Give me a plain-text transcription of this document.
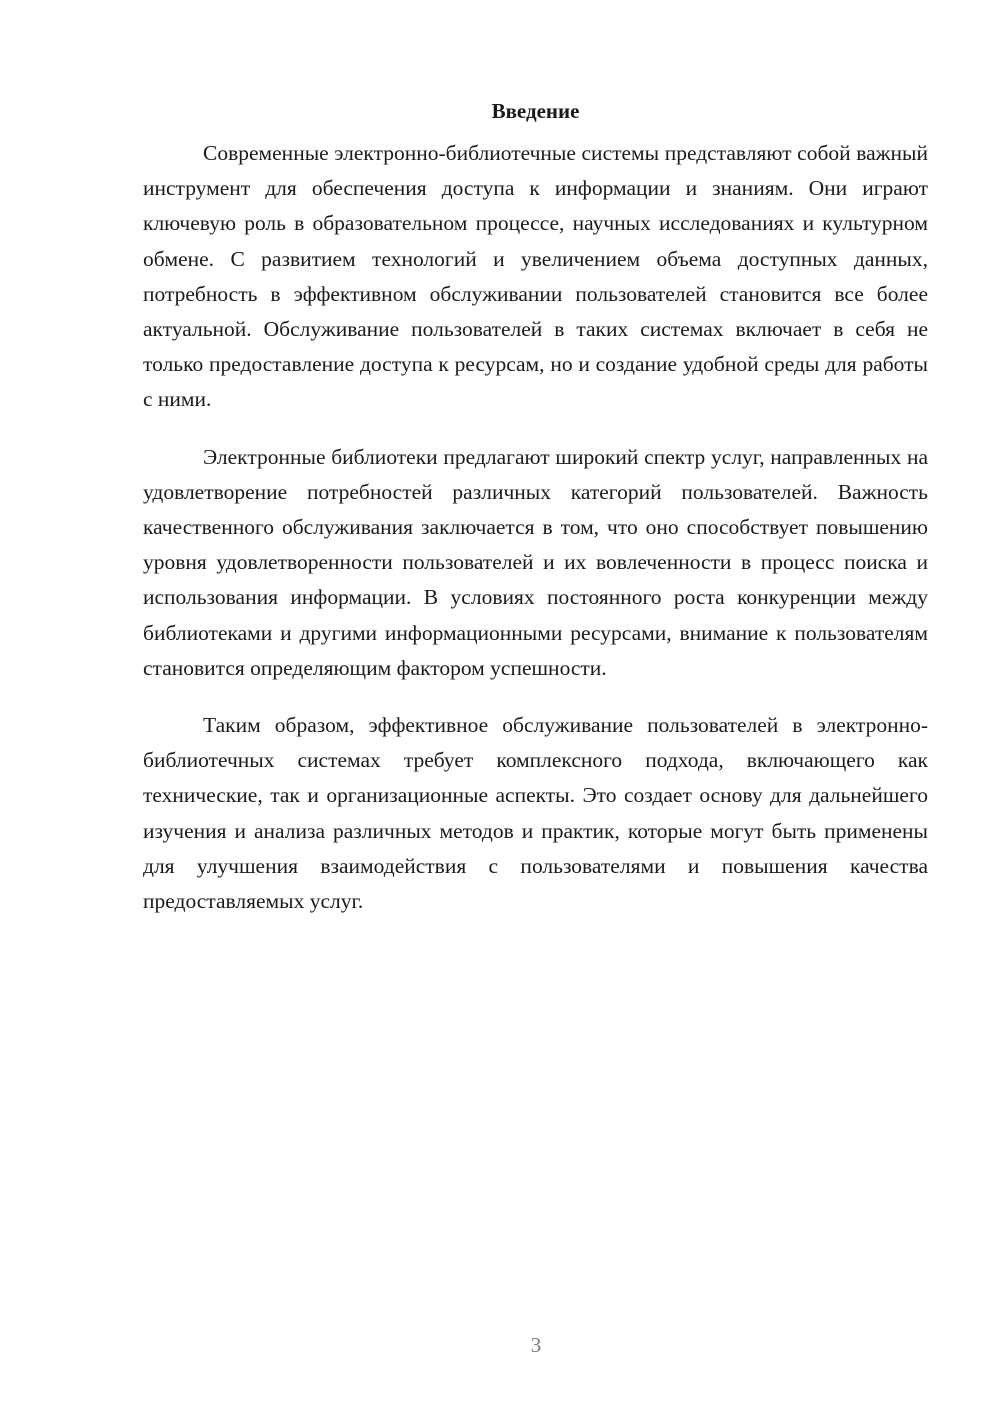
Введение

Современные электронно-библиотечные системы представляют собой важный инструмент для обеспечения доступа к информации и знаниям. Они играют ключевую роль в образовательном процессе, научных исследованиях и культурном обмене. С развитием технологий и увеличением объема доступных данных, потребность в эффективном обслуживании пользователей становится все более актуальной. Обслуживание пользователей в таких системах включает в себя не только предоставление доступа к ресурсам, но и создание удобной среды для работы с ними.

Электронные библиотеки предлагают широкий спектр услуг, направленных на удовлетворение потребностей различных категорий пользователей. Важность качественного обслуживания заключается в том, что оно способствует повышению уровня удовлетворенности пользователей и их вовлеченности в процесс поиска и использования информации. В условиях постоянного роста конкуренции между библиотеками и другими информационными ресурсами, внимание к пользователям становится определяющим фактором успешности.

Таким образом, эффективное обслуживание пользователей в электронно-библиотечных системах требует комплексного подхода, включающего как технические, так и организационные аспекты. Это создает основу для дальнейшего изучения и анализа различных методов и практик, которые могут быть применены для улучшения взаимодействия с пользователями и повышения качества предоставляемых услуг.

3
